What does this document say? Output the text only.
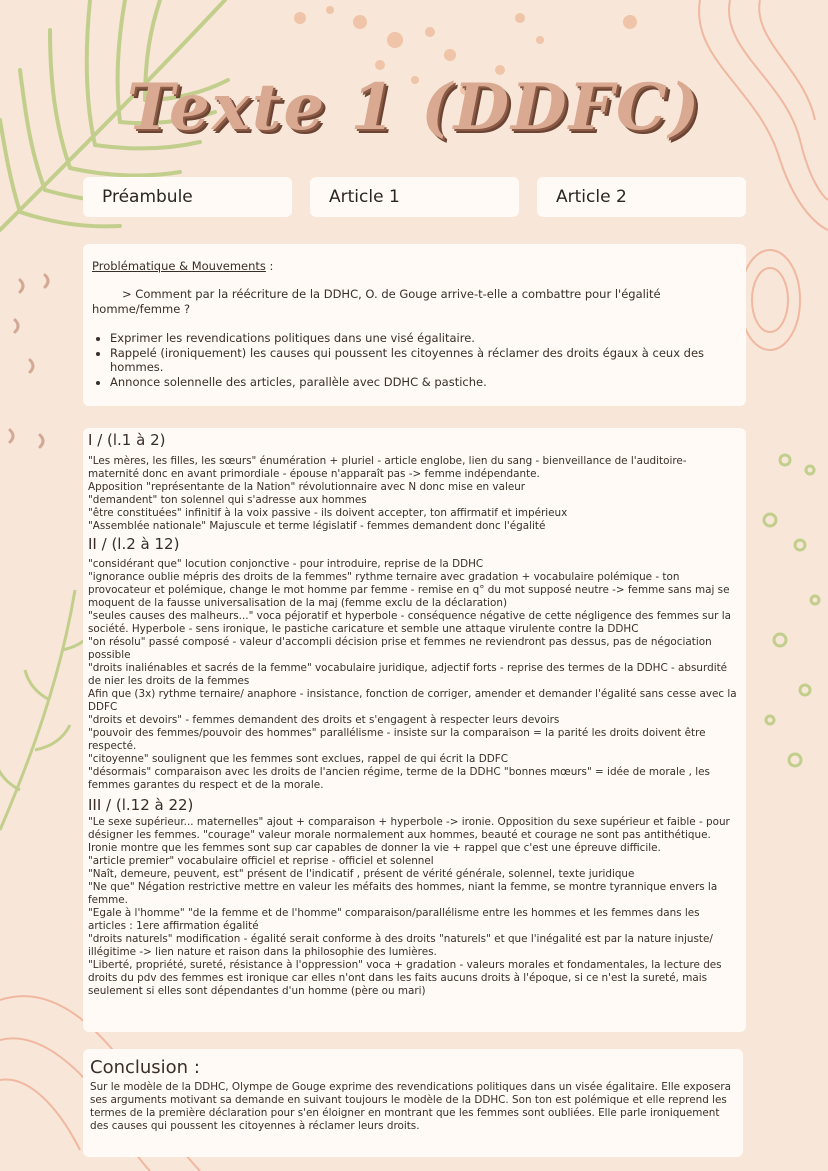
Texte 1 (DDFC)
Préambule	Article 1	Article 2
Problématique & Mouvements :
> Comment par la réécriture de la DDHC, O. de Gouge arrive-t-elle a combattre pour l'égalité homme/femme ?
• Exprimer les revendications politiques dans une visé égalitaire.
• Rappelé (ironiquement) les causes qui poussent les citoyennes à réclamer des droits égaux à ceux des hommes.
• Annonce solennelle des articles, parallèle avec DDHC & pastiche.

I / (l.1 à 2)

"Les mères, les filles, les sœurs" énumération + pluriel - article englobe, lien du sang - bienveillance de l'auditoire- maternité donc en avant primordiale - épouse n'apparaît pas -> femme indépendante.

Apposition "représentante de la Nation" révolutionnaire avec N donc mise en valeur

"demandent" ton solennel qui s'adresse aux hommes

"être constituées" infinitif à la voix passive - ils doivent accepter, ton affirmatif et impérieux

"Assemblée nationale" Majuscule et terme législatif - femmes demandent donc l'égalité

II / (l.2 à 12)

"considérant que" locution conjonctive - pour introduire, reprise de la DDHC

"ignorance oublie mépris des droits de la femmes" rythme ternaire avec gradation + vocabulaire polémique - ton provocateur et polémique, change le mot homme par femme - remise en q° du mot supposé neutre -> femme sans maj se moquent de la fausse universalisation de la maj (femme exclu de la déclaration)

"seules causes des malheurs..." voca péjoratif et hyperbole - conséquence négative de cette négligence des femmes sur la société. Hyperbole - sens ironique, le pastiche caricature et semble une attaque virulente contre la DDHC

"on résolu" passé composé - valeur d'accompli décision prise et femmes ne reviendront pas dessus, pas de négociation possible

"droits inaliénables et sacrés de la femme" vocabulaire juridique, adjectif forts - reprise des termes de la DDHC - absurdité de nier les droits de la femmes

Afin que (3x) rythme ternaire/ anaphore - insistance, fonction de corriger, amender et demander l'égalité sans cesse avec la DDFC

"droits et devoirs" - femmes demandent des droits et s'engagent à respecter leurs devoirs

"pouvoir des femmes/pouvoir des hommes" parallélisme - insiste sur la comparaison = la parité les droits doivent être respecté.

"citoyenne" soulignent que les femmes sont exclues, rappel de qui écrit la DDFC

"désormais" comparaison avec les droits de l'ancien régime, terme de la DDHC "bonnes mœurs" = idée de morale , les femmes garantes du respect et de la morale.

III / (l.12 à 22)

"Le sexe supérieur... maternelles" ajout + comparaison + hyperbole -> ironie. Opposition du sexe supérieur et faible - pour désigner les femmes. "courage" valeur morale normalement aux hommes, beauté et courage ne sont pas antithétique. Ironie montre que les femmes sont sup car capables de donner la vie + rappel que c'est une épreuve difficile.

"article premier" vocabulaire officiel et reprise - officiel et solennel

"Naît, demeure, peuvent, est" présent de l'indicatif , présent de vérité générale, solennel, texte juridique

"Ne que" Négation restrictive mettre en valeur les méfaits des hommes, niant la femme, se montre tyrannique envers la femme.

"Egale à l'homme" "de la femme et de l'homme" comparaison/parallélisme entre les hommes et les femmes dans les articles : 1ere affirmation égalité

"droits naturels" modification - égalité serait conforme à des droits "naturels" et que l'inégalité est par la nature injuste/ illégitime -> lien nature et raison dans la philosophie des lumières.

"Liberté, propriété, sureté, résistance à l'oppression" voca + gradation - valeurs morales et fondamentales, la lecture des droits du pdv des femmes est ironique car elles n'ont dans les faits aucuns droits à l'époque, si ce n'est la sureté, mais seulement si elles sont dépendantes d'un homme (père ou mari)

Conclusion :

Sur le modèle de la DDHC, Olympe de Gouge exprime des revendications politiques dans un visée égalitaire. Elle exposera ses arguments motivant sa demande en suivant toujours le modèle de la DDHC. Son ton est polémique et elle reprend les termes de la première déclaration pour s'en éloigner en montrant que les femmes sont oubliées. Elle parle ironiquement des causes qui poussent les citoyennes à réclamer leurs droits.
